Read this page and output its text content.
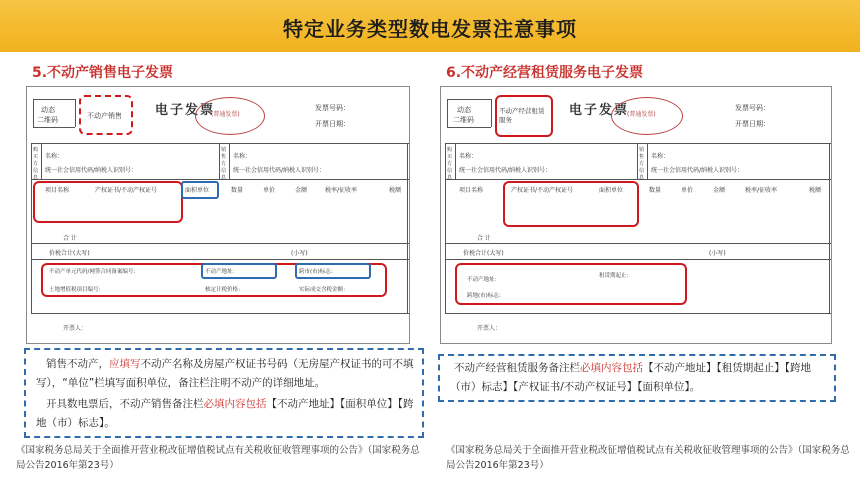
特定业务类型数电发票注意事项
5.不动产销售电子发票
动态
二维码	不动产销售	电子发票
(普通发票)
发票号码：
开票日期：
购买方信息
销售方信息
名称：
统一社会信用代码/纳税人识别号：
名称：
统一社会信用代码/纳税人识别号：
项目名称	产权证书/不动产权证号	面积单位	数量	单价	金额	税率/征收率	税额
合 计
价税合计(大写)	(小写)
不动产单元代码/网签合同备案编号：	不动产地址：	跨市(市)标志：
土地增值税项目编号：	核定计税价格：	实际成交含税金额：
开票人：
销售不动产，应填写不动产名称及房屋产权证书号码（无房屋产权证书的可不填写），“单位”栏填写面积单位，备注栏注明不动产的详细地址。
开具数电票后，不动产销售备注栏必填内容包括【不动产地址】【面积单位】【跨地（市）标志】。
《国家税务总局关于全面推开营业税改征增值税试点有关税收征收管理事项的公告》（国家税务总局公告2016年第23号）
6.不动产经营租赁服务电子发票
动态
二维码
不动产经营租赁服务
电子发票
(普通发票)
发票号码：
开票日期：
购买方信息
销售方信息
名称：
统一社会信用代码/纳税人识别号：
名称：
统一社会信用代码/纳税人识别号：
项目名称	产权证书/不动产权证号	面积单位	数量	单价	金额	税率/征收率	税额
合 计
价税合计(大写)	(小写)
不动产地址：
租赁期起止：
跨地(市)标志：
开票人：
不动产经营租赁服务备注栏必填内容包括【不动产地址】【租赁期起止】【跨地（市）标志】【产权证书/不动产权证号】【面积单位】。
《国家税务总局关于全面推开营业税改征增值税试点有关税收征收管理事项的公告》（国家税务总局公告2016年第23号）
